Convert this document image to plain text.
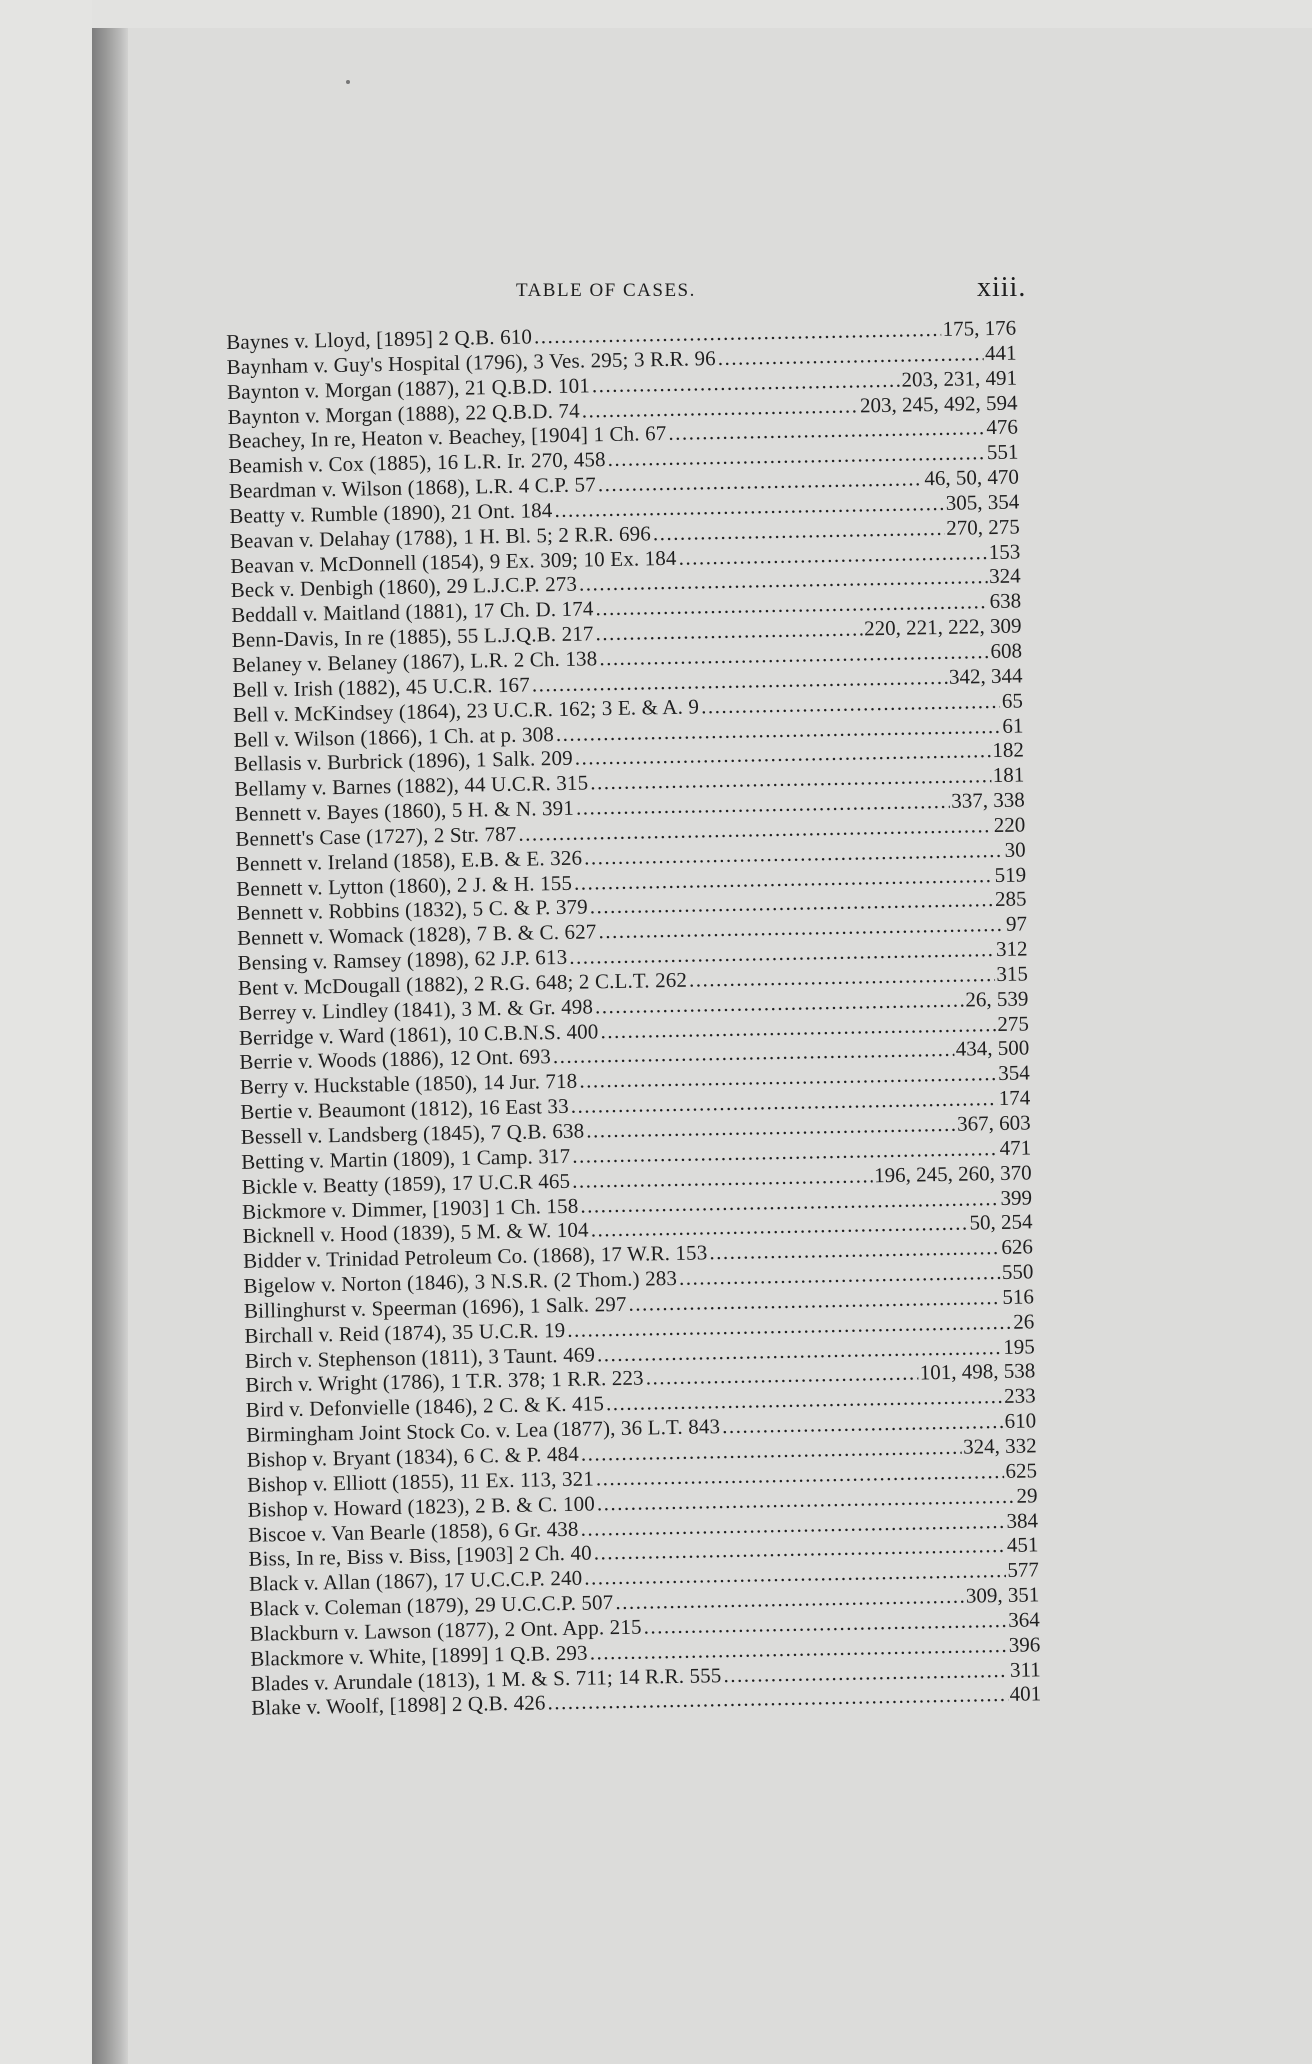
TABLE OF CASES.	xiii.
Baynes v. Lloyd, [1895] 2 Q.B. 610 .....	175, 176
Baynham v. Guy's Hospital (1796), 3 Ves. 295; 3 R.R. 96 .....	441
Baynton v. Morgan (1887), 21 Q.B.D. 101 .....	203, 231, 491
Baynton v. Morgan (1888), 22 Q.B.D. 74 .....	203, 245, 492, 594
Beachey, In re, Heaton v. Beachey, [1904] 1 Ch. 67 .....	476
Beamish v. Cox (1885), 16 L.R. Ir. 270, 458 .....	551
Beardman v. Wilson (1868), L.R. 4 C.P. 57 .....	46, 50, 470
Beatty v. Rumble (1890), 21 Ont. 184 .....	305, 354
Beavan v. Delahay (1788), 1 H. Bl. 5; 2 R.R. 696 .....	270, 275
Beavan v. McDonnell (1854), 9 Ex. 309; 10 Ex. 184 .....	153
Beck v. Denbigh (1860), 29 L.J.C.P. 273 .....	324
Beddall v. Maitland (1881), 17 Ch. D. 174 .....	638
Benn-Davis, In re (1885), 55 L.J.Q.B. 217 .....	220, 221, 222, 309
Belaney v. Belaney (1867), L.R. 2 Ch. 138 .....	608
Bell v. Irish (1882), 45 U.C.R. 167 .....	342, 344
Bell v. McKindsey (1864), 23 U.C.R. 162; 3 E. & A. 9 .....	65
Bell v. Wilson (1866), 1 Ch. at p. 308 .....	61
Bellasis v. Burbrick (1896), 1 Salk. 209 .....	182
Bellamy v. Barnes (1882), 44 U.C.R. 315 .....	181
Bennett v. Bayes (1860), 5 H. & N. 391 .....	337, 338
Bennett's Case (1727), 2 Str. 787 .....	220
Bennett v. Ireland (1858), E.B. & E. 326 .....	30
Bennett v. Lytton (1860), 2 J. & H. 155 .....	519
Bennett v. Robbins (1832), 5 C. & P. 379 .....	285
Bennett v. Womack (1828), 7 B. & C. 627 .....	97
Bensing v. Ramsey (1898), 62 J.P. 613 .....	312
Bent v. McDougall (1882), 2 R.G. 648; 2 C.L.T. 262 .....	315
Berrey v. Lindley (1841), 3 M. & Gr. 498 .....	26, 539
Berridge v. Ward (1861), 10 C.B.N.S. 400 .....	275
Berrie v. Woods (1886), 12 Ont. 693 .....	434, 500
Berry v. Huckstable (1850), 14 Jur. 718 .....	354
Bertie v. Beaumont (1812), 16 East 33 .....	174
Bessell v. Landsberg (1845), 7 Q.B. 638 .....	367, 603
Betting v. Martin (1809), 1 Camp. 317 .....	471
Bickle v. Beatty (1859), 17 U.C.R 465 .....	196, 245, 260, 370
Bickmore v. Dimmer, [1903] 1 Ch. 158 .....	399
Bicknell v. Hood (1839), 5 M. & W. 104 .....	50, 254
Bidder v. Trinidad Petroleum Co. (1868), 17 W.R. 153 .....	626
Bigelow v. Norton (1846), 3 N.S.R. (2 Thom.) 283 .....	550
Billinghurst v. Speerman (1696), 1 Salk. 297 .....	516
Birchall v. Reid (1874), 35 U.C.R. 19 .....	26
Birch v. Stephenson (1811), 3 Taunt. 469 .....	195
Birch v. Wright (1786), 1 T.R. 378; 1 R.R. 223 .....	101, 498, 538
Bird v. Defonvielle (1846), 2 C. & K. 415 .....	233
Birmingham Joint Stock Co. v. Lea (1877), 36 L.T. 843 .....	610
Bishop v. Bryant (1834), 6 C. & P. 484 .....	324, 332
Bishop v. Elliott (1855), 11 Ex. 113, 321 .....	625
Bishop v. Howard (1823), 2 B. & C. 100 .....	29
Biscoe v. Van Bearle (1858), 6 Gr. 438 .....	384
Biss, In re, Biss v. Biss, [1903] 2 Ch. 40 .....	451
Black v. Allan (1867), 17 U.C.C.P. 240 .....	577
Black v. Coleman (1879), 29 U.C.C.P. 507 .....	309, 351
Blackburn v. Lawson (1877), 2 Ont. App. 215 .....	364
Blackmore v. White, [1899] 1 Q.B. 293 .....	396
Blades v. Arundale (1813), 1 M. & S. 711; 14 R.R. 555 .....	311
Blake v. Woolf, [1898] 2 Q.B. 426 .....	401
